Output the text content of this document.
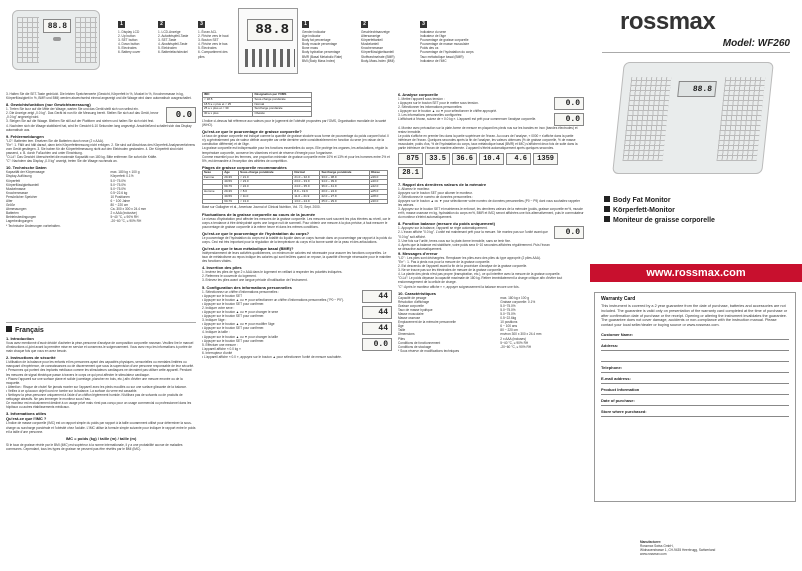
88.8	1
1. Display LCD
2. Up button
3. SET button
4. Down button
5. Electrodes
6. Battery cover
2
1. LCD-Anzeige
2. Aufwärtspfeil-Taste
3. SET-Taste
4. Abwärtspfeil-Taste
5. Elektroden
6. Batteriefachdeckel
3
1. Écran ACL
2. Flèche vers le haut
3. Bouton SET
4. Flèche vers le bas
5. Électrodes
6. Compartiment des piles
88.8	1
Gender indicator
Age indicator
Body fat percentage
Body muscle percentage
Bone mass
Body hydration percentage
BMR (Basal Metabolic Rate)
BMI (Body Mass Index)
2
Geschlechtsanzeige
Altersanzeige
Körperfettanteil
Muskelanteil
Knochenmasse
Körperflüssigkeitsanteil
Stoffwechselrate (BMR)
Body-Mass-Index (BMI)
3
Indicateur du sexe
Indicateur de l'âge
Pourcentage de graisse corporelle
Pourcentage de masse musculaire
Poids des os
Pourcentage de l'hydratation du corps
Taux métabolique basal (BMR)
Indicateur de l'IMC
rossmax
Model: WF260
88.8
Body Fat Monitor
Körperfett-Monitor
Moniteur de graisse corporelle
www.rossmax.com
3. Halten Sie die SET-Taste gedrückt. Die letzten Speicherwerte (Gewicht, Körperfett in %, Muskel in %, Knochenmasse in kg, Körperflüssigkeit in %, BMR und BMI) werden abwechselnd einmal angezeigt und die Waage wird dann automatisch ausgeschaltet.
8. Gewichtsfunktion (nur Gewichtsmessung)
1. Treten Sie kurz auf die Mitte der Waage, warten Sie und das Gerät stellt sich von selbst ein.
2. Die Anzeige zeigt „0.0 kg". Das Gerät ist nun für die Messung bereit. Stellen Sie sich auf das Gerät, bevor „0.0 kg" angezeigt wird.
3. Steigen Sie auf die Waage. Bleiben Sie still auf der Plattform und stehen und halten Sie sich nicht fest.
0.0
4. Nachdem sich die Waage stabilisiert hat, wird Ihr Gewicht 6-10 Sekunden lang angezeigt. Anschließend schaltet sich das Display automatisch aus.
9. Fehlermeldungen
"LO": Batterien leer. Ersetzen Sie die Batterien durch neue (2 x AAA).
"Err": 1. Fällt und hält darauf, dann kein Körperfettmessung nicht erfolgen. 2. Sie sind auf Abschluss des Körperfett-Analyseverfahrens vom Gerät gestiegen. 3. Sie haben für die Körperfettmessung nicht auf den Elektroden gestanden. 4. Die Körperfett sind nicht passend, z. B. durch Fußsohlen und unter Einwirkung.
"O-Ld": Das Gewicht überschreitet die maximale Kapazität von 180 kg. Bitte entfernen Sie sofort die Kräfte.
"C": Nachdem das Display „0.0 kg" anzeigt, treten Sie die Waage nochmals an.
10. Technische Daten
Kapazität der Körperwaage	max. 180 kg × 100 g
Display-Auflösung	Körperfett: 0.1%
Körperfett	5.0~75.0%
Körperflüssigkeitsanteil	5.0~75.0%
Muskelmasse	5.0~75.0%
Knochenmasse	0.5~22.6 kg
Persönlicher Speicher	10 Positionen
Alter	6 ~ 100 Jahre
Größe	80 ~ 220 cm
Abmessungen	Ca. 300 x 300 x 24.4 mm
Batterien	2 x AAA (inclusive)
Betriebsbedingungen	5~40 °C, ≤ 90% RH
Lagerbedingungen	-20~60 °C, ≤ 90% RH
* Technische Änderungen vorbehalten.
Français
1. Introduction
Vous avez mentionné d'avoir décidé d'acheter la pèse-personne d'analyse de composition corporelle rossmax. Veuillez lire le manuel d'instructions ci-joint avant la première mise en service et conservez-le soigneusement. Vous avez reçu les informations à portée de main chaque fois que vous en avez besoin.
2. Instructions de sécurité
L'utilisation de la balance pour les enfants et les personnes ayant des capacités physiques, sensorielles ou mentales limitées ou manquant d'expérience, de connaissances ou de discernement que sous la supervision d'une personne responsable de leur sécurité.
• Personnes qui portent des implants médicaux comme les stimulateurs cardiaques ne devraient pas utiliser cette appareil. Pendant les mesures de signal électrique passe à travers le corps ce qui peut affecter le stimulateur cardiaque.
• Placez l'appareil sur une surface plane et solide (carrelage, plancher en bois, etc.) afin d'éviter une mesure erronée ou de la moquette.
• Attention : Risque de chute! Ne jamais monter sur l'appareil avec les pieds mouillés ou sur une surface glissante de la balance.
• Veillez à ce qu'aucun objet lourd ne tombe sur la balance. La surface du verre est cassable.
• Nettoyez la pèse-personne uniquement à l'aide d'un chiffon légèrement humide. N'utilisez pas de solvants ou de produits de nettoyage abrasifs. Ne pas immerger le moniteur sous l'eau.
Ce moniteur est exclusivement destiné à un usage privé mais n'est pas conçu pour un usage commercial ou professionnel dans les hôpitaux ou autres établissements médicaux.
3. Informations utiles
Qu'est-ce que l'IMC ?
L'indice de masse corporelle (IMC) est un rapport simple du poids par rapport à la taille couramment utilisé pour déterminer la sous-charge ou surcharge pondérale et l'obésité chez l'adulte. L'IMC utilise la formule simple suivante pour indiquer le rapport entre le poids et la taille d'une personne.
IMC = poids (kg) / taille (m) / taille (m)
Si le taux de graisse révèle par le BMI (IMC) est supérieur à la norme internationale, il y a une probabilité accrue de maladies communes. Cependant, tous les types de graisse ne peuvent pas être révélés par le BMI (IMC).
IMC	Désignation par l'OMS
< 18.5	Sous-charge pondérale
18.5 ≤ x plus et < 25	Normal
25 ≤ x plus et < 30	Surcharge pondérale
30 ≤ x plus	Obésité
L'indice ci-dessus fait référence aux valeurs pour le jugement de l'obésité proposées par l'OMS, Organisation mondiale de la santé (WHO).
Qu'est-ce que le pourcentage de graisse corporelle?
Le taux de graisse corporelle est indiqué comme la quantité de graisse stockée sous forme de pourcentage du poids corporel total. Il n'y a généralement pas de valeur définie acceptée car cette dernière varie considérablement en fonction du sexe (en raison de la constitution différente) et de l'âge.
La graisse corporelle est indispensable pour les fonctions essentielles du corps. Elle protège les organes, les articulations, régule la température corporelle, conserve les vitamines et sert de réserve d'énergie pour l'organisme.
Comme essentiel pour les femmes, une proportion minimale de graisse corporelle entre 10% et 13% et pour les hommes entre 2% et 5%, est demandée à l'exception des athlètes de compétition.
Plages de graisse corporelle recommandées
Sexe	Âge	Sous-charge pondérale	Normal	Surcharge pondérale	Obèse
Femme	20-39	< 21.0	21.0 ~ 32.9	33.0 ~ 38.9	≥39.0
	40-59	< 23.0	23.0 ~ 33.9	34.0 ~ 39.9	≥40.0
	60-79	< 24.0	24.0 ~ 35.9	36.0 ~ 41.9	≥42.0
Homme	20-39	< 8.0	8.0 ~ 19.9	20.0 ~ 24.9	≥25.0
	40-59	< 11.0	11.0 ~ 21.9	22.0 ~ 27.9	≥28.0
	60-79	< 13.0	13.0 ~ 24.9	25.0 ~ 29.9	≥30.0
Basé sur Gallagher et al., American Journal of Clinical Nutrition, Vol. 72, Sept. 2000.
Fluctuations de la graisse corporelle au cours de la journée
Le niveau d'hydratation peut affecter les mesures de la graisse corporelle. Les mesures sont souvent les plus élevées au réveil, car le corps a tendance à être déshydraté après une longue nuit de sommeil. Pour obtenir une mesure à la plus précise, à faut mesurer le pourcentage de graisse corporelle à la même heure et dans les mêmes conditions.
Qu'est-ce que le pourcentage de l'hydratation du corps?
Le pourcentage de l'hydratation du corps est la totalité du liquide dans un corps humain dans un pourcentage par rapport à la poids du corps. Ceci est très important pour la régulation de la température du corps et la bonne santé de la peau et des articulations.
Qu'est-ce que le taux métabolique basal (BMR)?
Indépendamment de leurs activités quotidiennes, un minimum de calories est nécessaire pour assurer les fonctions corporelles. Le taux de métabolisme au repos indique les calories qui sont brûlées quand on repose, la quantité d'énergie nécessaire pour le maintien des fonctions vitales.
4. Insertion des piles
1. Insérez les piles de type 2 x AAA dans le logement en veillant à respecter les polarités indiquées.
2. Refermez le couvercle du logement.
3. Enlevez les piles avant une longue période d'inutilisation de l'instrument.
5. Configuration des informations personnelles
1. Sélectionnez un chiffre d'informations personnelles :
• Appuyer sur le bouton SET
• Appuyer sur le bouton ▲ ou ▼ pour sélectionner un chiffre d'informations personnelles ("P0 ~ P9").
• Appuyer sur le bouton SET pour confirmer.
2. Indiquer votre sexe :
• Appuyer sur le bouton ▲ ou ▼ pour changer le sexe
• Appuyer sur le bouton SET pour confirmer.
3. Indiquer l'âge :
• Appuyer sur le bouton ▲ ou ▼ pour modifier l'âge
• Appuyer sur le bouton SET pour confirmer.
4. Indiquer la taille :
• Appuyer sur le bouton ▲ ou ▼ pour changer la taille
• Appuyer sur le bouton SET pour confirmer.
5. Effectuer une mesure :
L'appareil affiche « 0.0 kg »
6. Interrupteur d'unité
• L'appareil affiche « 0.0 », appuyez sur le bouton ▲ pour sélectionner l'unité de mesure souhaitée.
44
44
44
0.0
6. Analyse corporelle
1. Mettre l'appareil sous tension :
• Appuyez sur le bouton SET pour le mettre sous tension.
2. Sélectionner les informations personnelles:
• Appuyer sur le bouton ▲ ou ▼ pour sélectionner le chiffre approprié.
3. Les informations personnelles configurées:
L'affichant à l'écran, suivez de « 0.0 kg ». L'appareil est prêt pour commencer l'analyse corporelle.
0.0
0.0
4. Montez avec précaution sur la plate-forme de mesure en plaçant les pieds nus sur les bandes en inox (bandes électrodes) et restez immobile.
Le poids s'affiche en premier lieu dans la partie supérieure de l'écran. Au cours de l'analyse, « 0000 » s'affiche dans la partie inférieure de l'écran. Quelques secondes après la fin de l'analyse, les valeurs obtenues (% de graisse corporelle, % de masse musculaire, poids d'os, % de l'hydratation du corps, taux métabolique basal (BMR) et IMC) s'affichent deux fois de suite dans la partie inférieure de l'écran de manière alternée. L'appareil s'éteint automatiquement après quelques secondes.
875	33.5	36.6	10.4	4.6	1359
28.1
7. Rappel des dernières valeurs de la mémoire
1. Allumez le moniteur.
Appuyez sur le bouton SET pour allumer le moniteur.
2. Sélectionnez le numéro de données personnelles :
Appuyez sur le bouton ▲ ou ▼ pour sélectionner votre numéro de données personnelles (P0 ~ P9) dont vous souhaitez rappeler les valeurs.
3. Appuyez sur le bouton SET et maintenez-le enfoncé, les dernières valeurs de la mémoire (poids, graisse corporelle en%, muscle en%, masse osseuse en kg, hydratation du corps en%, BMR et IMC) seront affichées une fois alternativement, puis le commutateur du moniteur s'éteint automatiquement.
8. Fonction balance (mesure du poids uniquement)
1. Appuyez sur la balance, l'appareil se règle automatiquement.
2. L'écran affiche "0.0 kg". L'unité est maintenant prêt pour la mesure. Ne montez pas sur l'unité avant que "0.0 kg" soit affiché.
3. Une fois sur l'unité, tenez-vous sur la plate-forme immobile, sans se tenir fixe.
4. Après que la balance est stabilisée, votre poids sera 6~10 secondes affichées régulièrement. Puis l'écran se désactive automatiquement.
0.0
9. Messages d'erreur
"LO" : Les piles sont déchargées. Remplacer les piles avec des piles du type approprié (2 piles AAA).
"Err" : 1. Pas à pieds nus pour la mesure de la graisse corporelle.
2. Est descendu de l'appareil avant la fin de la procédure d'analyse de la graisse corporelle.
3. Ne se trouve pas sur les électrodes de mesure de la graisse corporelle.
4. La plante des pieds n'est pas propre (transpiration, etc.), ce qui interfère avec la mesure de la graisse corporelle.
"O-Ld": Le poids dépasse la capacité maximale de 180 kg. Retirer immédiatement la charge critique afin d'éviter tout endommagement de la cellule de charge.
"C": Après le moniteur affiche « », appuyer soigneusement la balance encore une fois.
10. Caractéristiques
Capacité de pesage	max. 180 kg x 100 g
Résolution d'affichage	Graisse corporelle: 0.1%
Graisse corporelle	5.0~75.0%
Taux de masse hydrique	5.0~75.0%
Masse musculaire	5.0~75.0%
Masse osseuse	0.5~22.6kg
Emplacement de la mémoire personnelle	10 positions
Âge	6 ~ 100 ans
Taille	80 ~ 220 cm
Dimensions	environ 300 x 300 x 24.4 mm
Piles	2 x AAA (incluses)
Conditions de fonctionnement	5~40 °C, ≤ 90% RH
Conditions de stockage	-20~60 °C, ≤ 90% RH
* Sous réserve de modifications techniques
Warranty Card
This instrument is covered by a 2 year guarantee from the date of purchase, batteries and accessories are not included. The guarantee is valid only on presentation of the warranty card completed at the time of purchase or after confirmation date of purchase or the receipt. Opening or altering the instrument invalidates the guarantee. The guarantee does not cover damage, accidents or non-compliance with the instruction manual. Please contact your local seller/dealer or buying source or www.rossmax.com.
Customer Name:
Address:
Telephone:
E-mail address:
Product Information
Date of purchase:
Store where purchased:
Manufacturer:
Rossmax Swiss GmbH,
Widnauerstrasse 1, CH-9435 Heerbrugg, Switzerland
www.rossmax.com
